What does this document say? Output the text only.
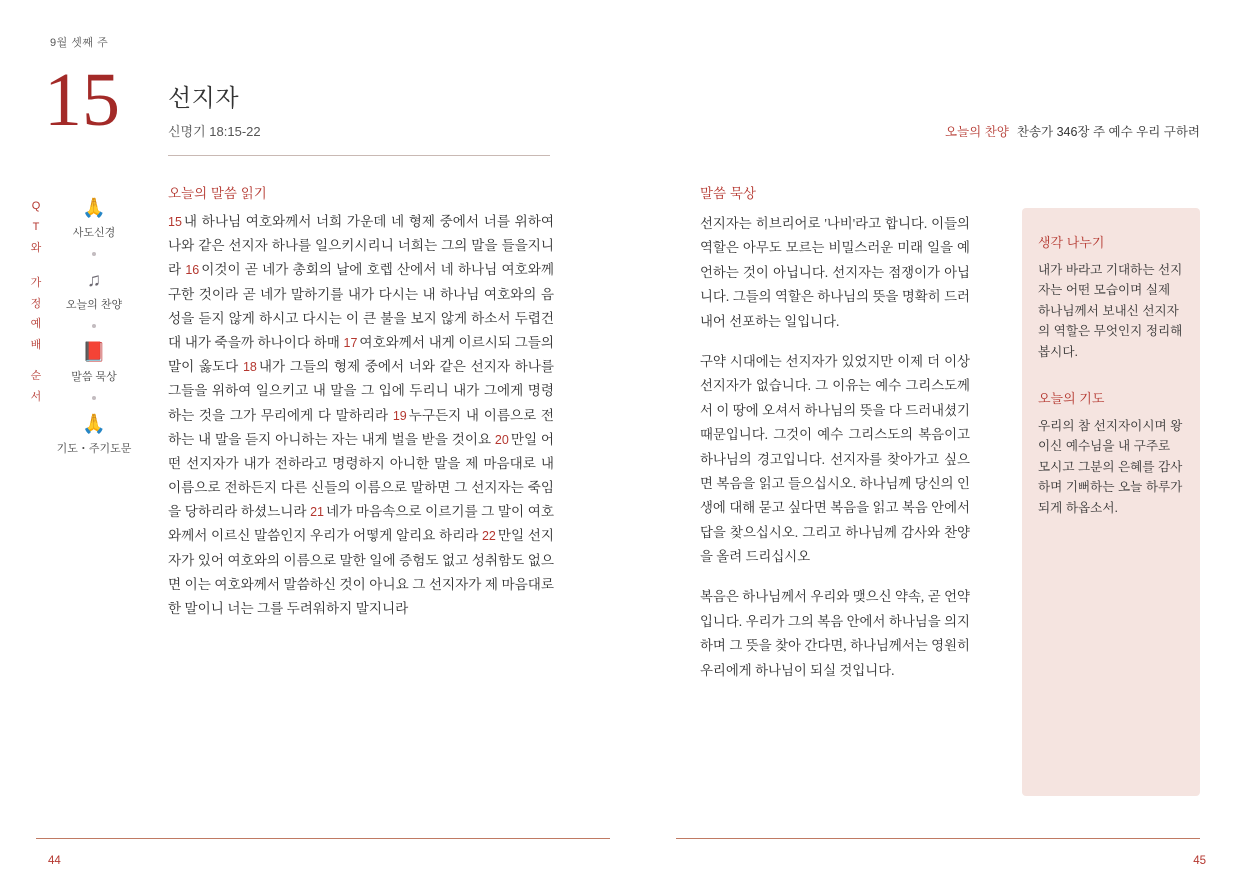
9월 셋째 주
15 선지자
신명기 18:15-22	오늘의 찬양 찬송가 346장 주 예수 우리 구하려
Q
T
와
가
정
예
배
순
서
🙏
사도신경
♫
오늘의 찬양
📕
말씀 묵상
🙏
기도・주기도문
오늘의 말씀 읽기
15 내 하나님 여호와께서 너희 가운데 네 형제 중에서 너를 위하여 나와 같은 선지자 하나를 일으키시리니 너희는 그의 말을 들을지니라 16 이것이 곧 네가 총회의 날에 호렙 산에서 네 하나님 여호와께 구한 것이라 곧 네가 말하기를 내가 다시는 내 하나님 여호와의 음성을 듣지 않게 하시고 다시는 이 큰 불을 보지 않게 하소서 두렵건대 내가 죽을까 하나이다 하매 17 여호와께서 내게 이르시되 그들의 말이 옳도다 18 내가 그들의 형제 중에서 너와 같은 선지자 하나를 그들을 위하여 일으키고 내 말을 그 입에 두리니 내가 그에게 명령하는 것을 그가 무리에게 다 말하리라 19 누구든지 내 이름으로 전하는 내 말을 듣지 아니하는 자는 내게 벌을 받을 것이요 20 만일 어떤 선지자가 내가 전하라고 명령하지 아니한 말을 제 마음대로 내 이름으로 전하든지 다른 신들의 이름으로 말하면 그 선지자는 죽임을 당하리라 하셨느니라 21 네가 마음속으로 이르기를 그 말이 여호와께서 이르신 말씀인지 우리가 어떻게 알리요 하리라 22 만일 선지자가 있어 여호와의 이름으로 말한 일에 증험도 없고 성취함도 없으면 이는 여호와께서 말씀하신 것이 아니요 그 선지자가 제 마음대로 한 말이니 너는 그를 두려워하지 말지니라
44
말씀 묵상

선지자는 히브리어로 '나비'라고 합니다. 이들의 역할은 아무도 모르는 비밀스러운 미래 일을 예언하는 것이 아닙니다. 선지자는 점쟁이가 아닙니다. 그들의 역할은 하나님의 뜻을 명확히 드러내어 선포하는 일입니다.

구약 시대에는 선지자가 있었지만 이제 더 이상 선지자가 없습니다. 그 이유는 예수 그리스도께서 이 땅에 오셔서 하나님의 뜻을 다 드러내셨기 때문입니다. 그것이 예수 그리스도의 복음이고 하나님의 경고입니다. 선지자를 찾아가고 싶으면 복음을 읽고 들으십시오. 하나님께 당신의 인생에 대해 묻고 싶다면 복음을 읽고 복음 안에서 답을 찾으십시오. 그리고 하나님께 감사와 찬양을 올려 드리십시오

복음은 하나님께서 우리와 맺으신 약속, 곧 언약입니다. 우리가 그의 복음 안에서 하나님을 의지하며 그 뜻을 찾아 간다면, 하나님께서는 영원히 우리에게 하나님이 되실 것입니다.

생각 나누기
내가 바라고 기대하는 선지자는 어떤 모습이며 실제 하나님께서 보내신 선지자의 역할은 무엇인지 정리해 봅시다.
오늘의 기도
우리의 참 선지자이시며 왕이신 예수님을 내 구주로 모시고 그분의 은혜를 감사하며 기뻐하는 오늘 하루가 되게 하옵소서.
45
